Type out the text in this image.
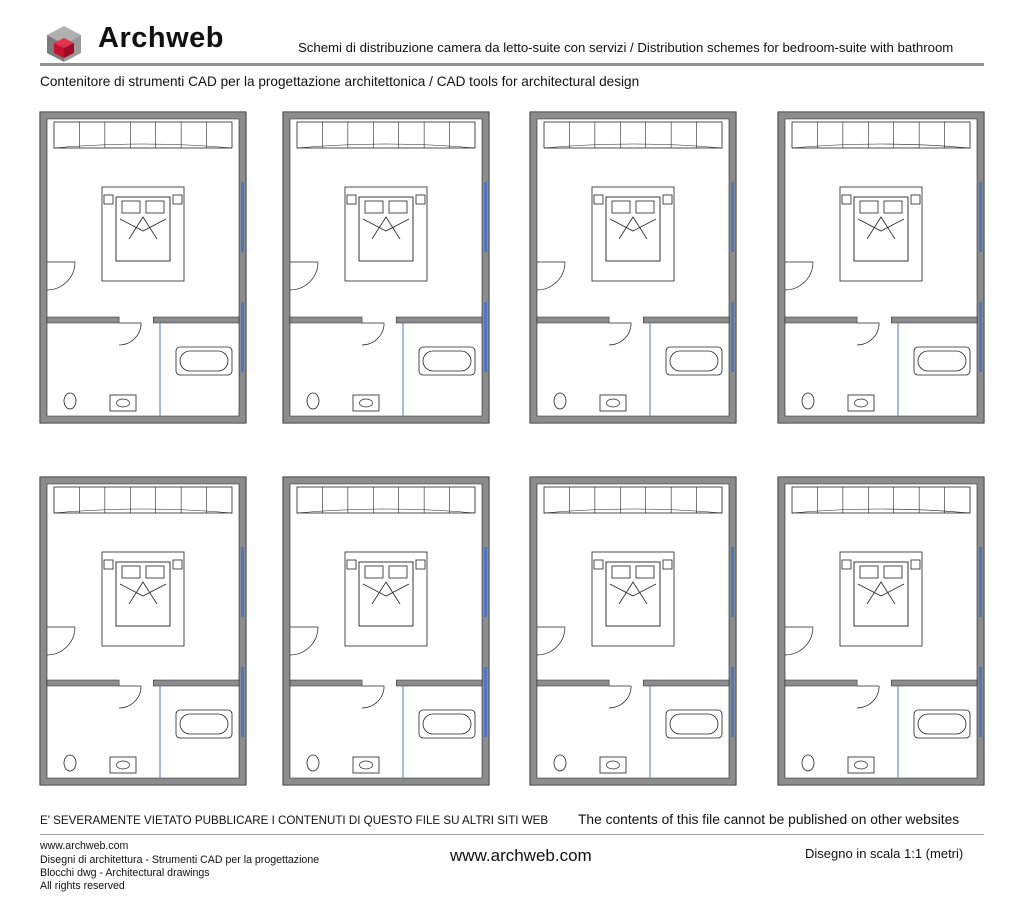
Archweb	Schemi di distribuzione camera da letto-suite con servizi / Distribution schemes for bedroom-suite with bathroom
Contenitore di strumenti CAD per la progettazione architettonica / CAD tools for architectural design
E' SEVERAMENTE VIETATO PUBBLICARE I CONTENUTI DI QUESTO FILE SU ALTRI SITI WEB The contents of this file cannot be published on other websites
www.archweb.com
Disegni di architettura - Strumenti CAD per la progettazione
Blocchi dwg - Architectural drawings
All rights reserved
www.archweb.com	Disegno in scala 1:1 (metri)
